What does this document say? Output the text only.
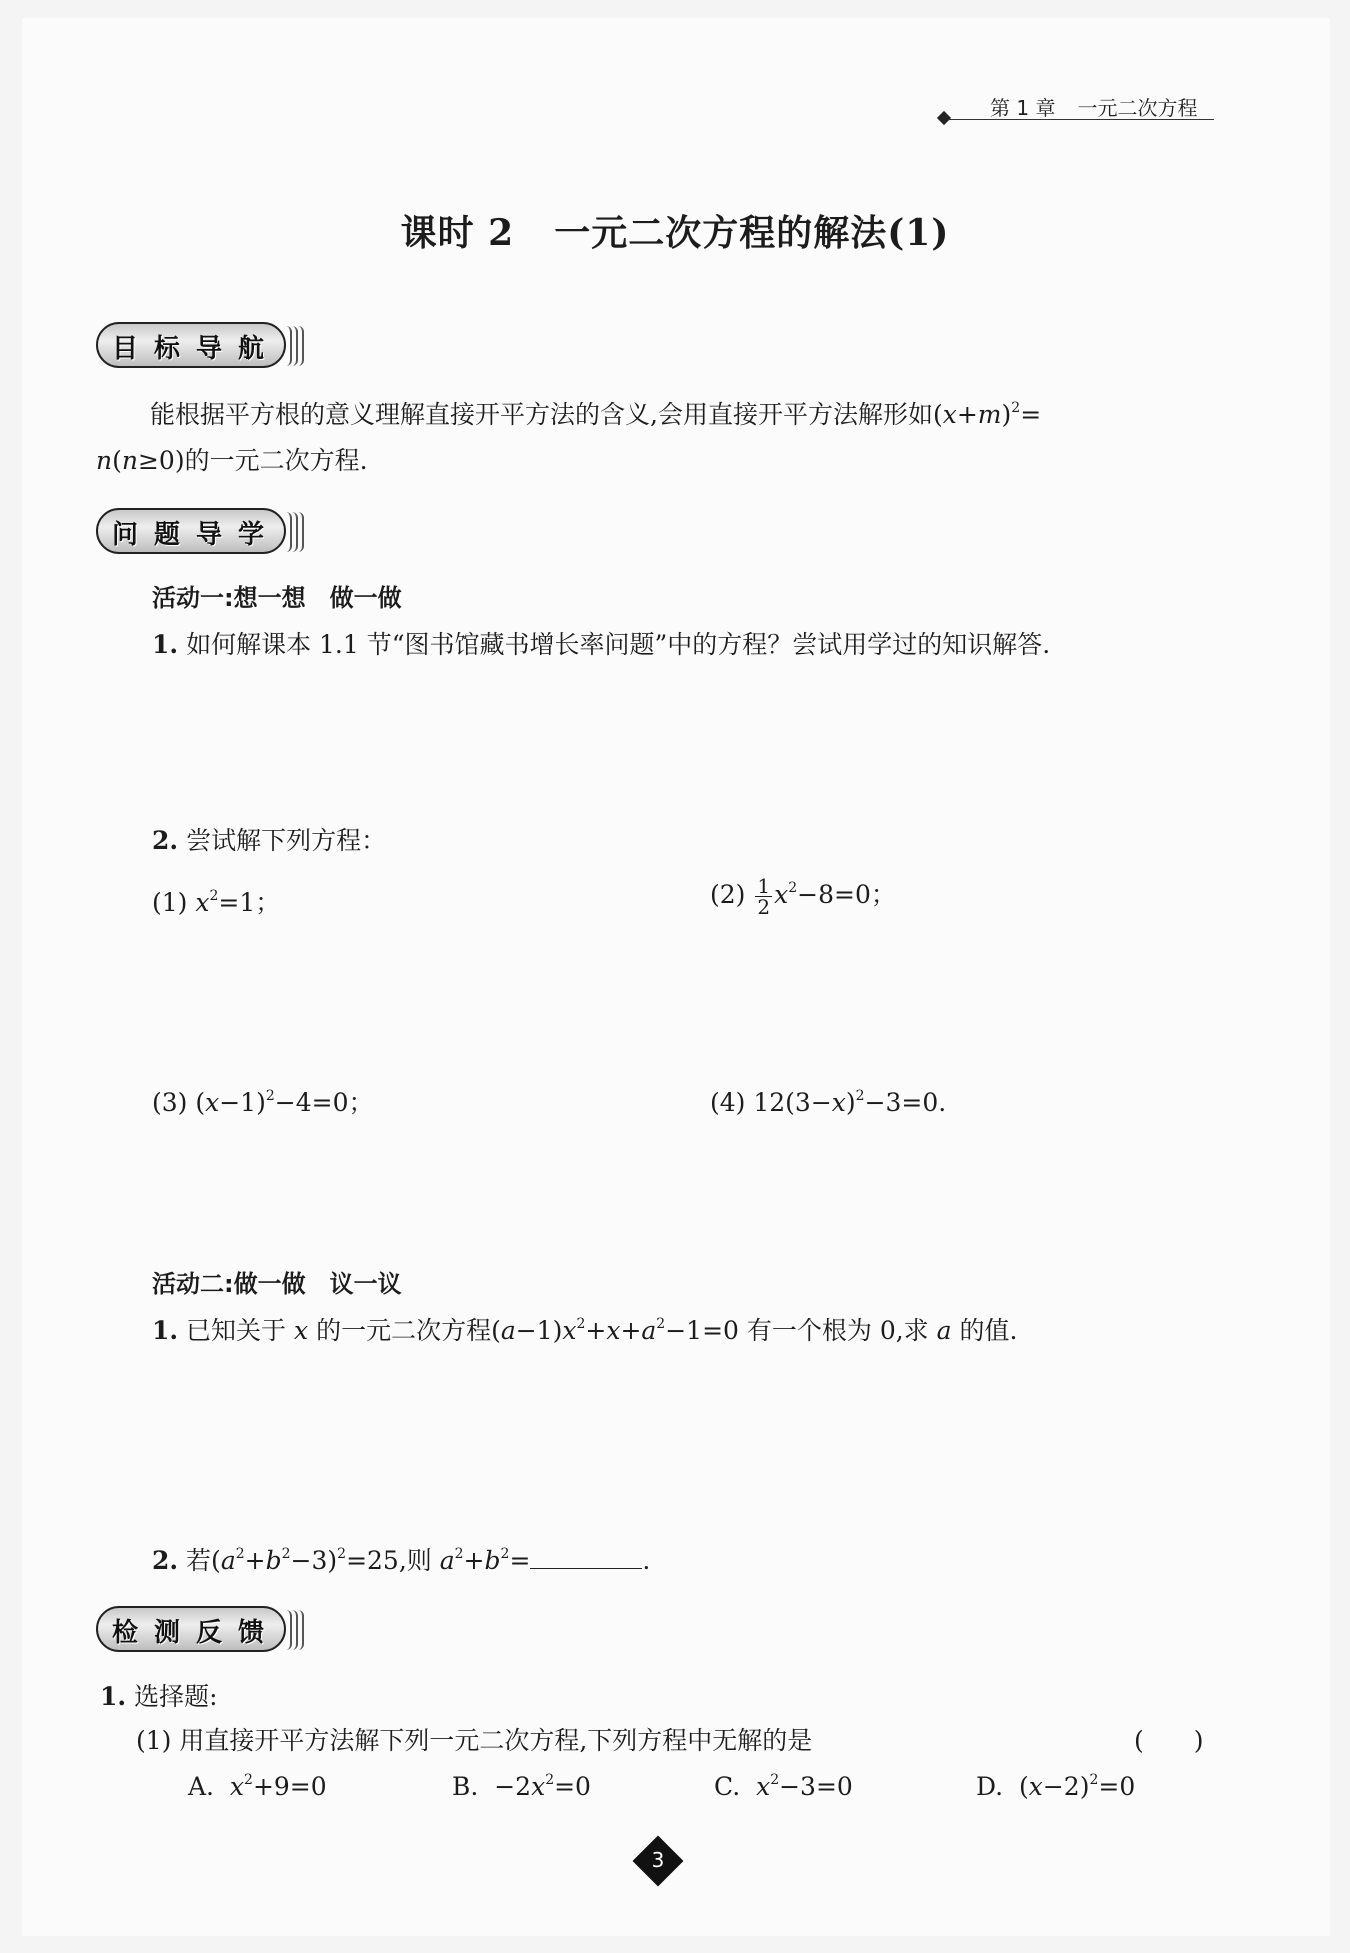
第 1 章 一元二次方程
课时 2 一元二次方程的解法(1)
目标导航
能根据平方根的意义理解直接开平方法的含义,会用直接开平方法解形如$(x+m)^2=$
n(n≥0)的一元二次方程.
问题导学
活动一:想一想　做一做
1. 如何解课本 1.1 节“图书馆藏书增长率问题”中的方程？尝试用学过的知识解答.
2. 尝试解下列方程：
(1) $x^2=1$；	$(2) \frac{1}{2} x^2-8=0$；
(3) $(x-1)^2-4=0$；	(4) $12(3-x)^2-3=0$.
活动二:做一做　议一议
1. 已知关于 x 的一元二次方程$(a-1)x^2+x+a^2-1=0$ 有一个根为 0,求 a 的值.
2. 若$(a^2+b^2-3)^2=25$,则 $a^2+b^2=$	.
检测反馈
1. 选择题:
(1) 用直接开平方法解下列一元二次方程,下列方程中无解的是	(　　)
A.  $x^2+9=0$	B.  $-2x^2=0$	C.  $x^2-3=0$	D.  $(x-2)^2=0$
3
